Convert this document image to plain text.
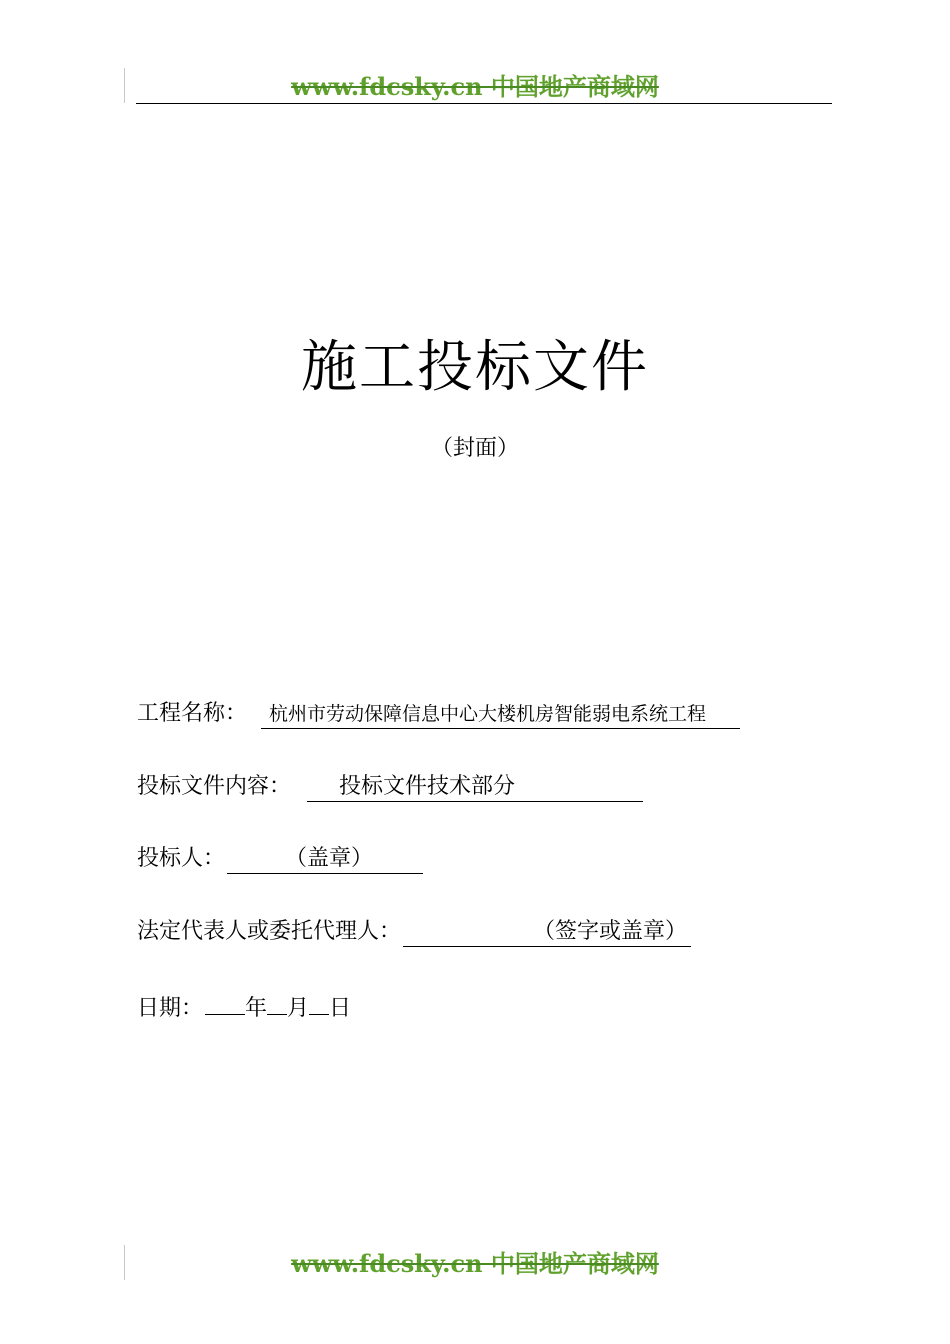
www.fdcsky.cn 中国地产商域网
施工投标文件
（封面）
工程名称：	杭州市劳动保障信息中心大楼机房智能弱电系统工程
投标文件内容：	投标文件技术部分
投标人：	（盖章）
法定代表人或委托代理人：	（签字或盖章）
日期： 年 月 日
www.fdcsky.cn 中国地产商域网
